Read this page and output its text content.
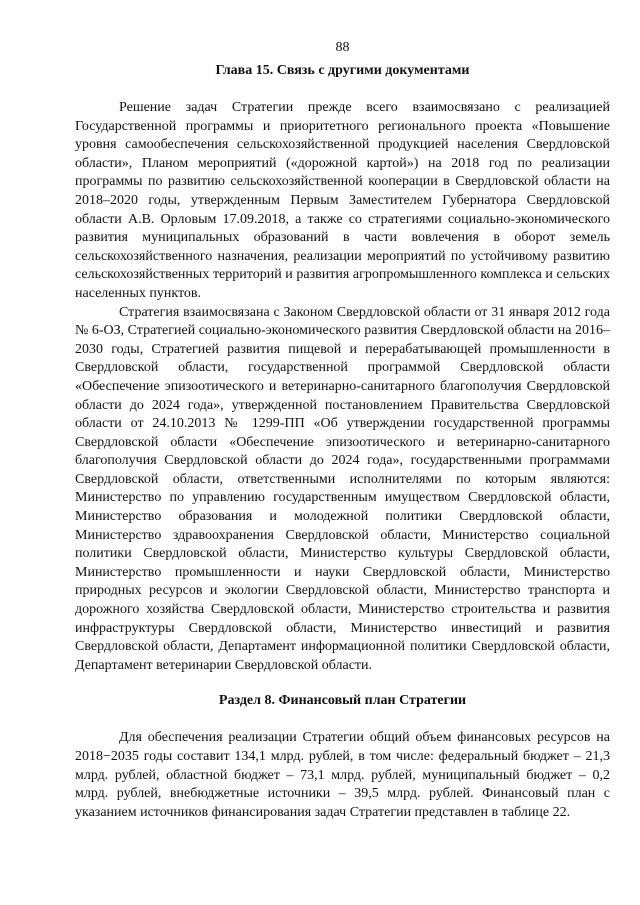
88
Глава 15. Связь с другими документами

Решение задач Стратегии прежде всего взаимосвязано с реализацией Государственной программы и приоритетного регионального проекта «Повышение уровня самообеспечения сельскохозяйственной продукцией населения Свердловской области», Планом мероприятий («дорожной картой») на 2018 год по реализации программы по развитию сельскохозяйственной кооперации в Свердловской области на 2018–2020 годы, утвержденным Первым Заместителем Губернатора Свердловской области А.В. Орловым 17.09.2018, а также со стратегиями социально-экономического развития муниципальных образований в части вовлечения в оборот земель сельскохозяйственного назначения, реализации мероприятий по устойчивому развитию сельскохозяйственных территорий и развития агропромышленного комплекса и сельских населенных пунктов.

Стратегия взаимосвязана с Законом Свердловской области от 31 января 2012 года № 6-ОЗ, Стратегией социально-экономического развития Свердловской области на 2016–2030 годы, Стратегией развития пищевой и перерабатывающей промышленности в Свердловской области, государственной программой Свердловской области «Обеспечение эпизоотического и ветеринарно-санитарного благополучия Свердловской области до 2024 года», утвержденной постановлением Правительства Свердловской области от 24.10.2013 № 1299-ПП «Об утверждении государственной программы Свердловской области «Обеспечение эпизоотического и ветеринарно-санитарного благополучия Свердловской области до 2024 года», государственными программами Свердловской области, ответственными исполнителями по которым являются: Министерство по управлению государственным имуществом Свердловской области, Министерство образования и молодежной политики Свердловской области, Министерство здравоохранения Свердловской области, Министерство социальной политики Свердловской области, Министерство культуры Свердловской области, Министерство промышленности и науки Свердловской области, Министерство природных ресурсов и экологии Свердловской области, Министерство транспорта и дорожного хозяйства Свердловской области, Министерство строительства и развития инфраструктуры Свердловской области, Министерство инвестиций и развития Свердловской области, Департамент информационной политики Свердловской области, Департамент ветеринарии Свердловской области.

Раздел 8. Финансовый план Стратегии

Для обеспечения реализации Стратегии общий объем финансовых ресурсов на 2018−2035 годы составит 134,1 млрд. рублей, в том числе: федеральный бюджет – 21,3 млрд. рублей, областной бюджет – 73,1 млрд. рублей, муниципальный бюджет – 0,2 млрд. рублей, внебюджетные источники – 39,5 млрд. рублей. Финансовый план с указанием источников финансирования задач Стратегии представлен в таблице 22.
